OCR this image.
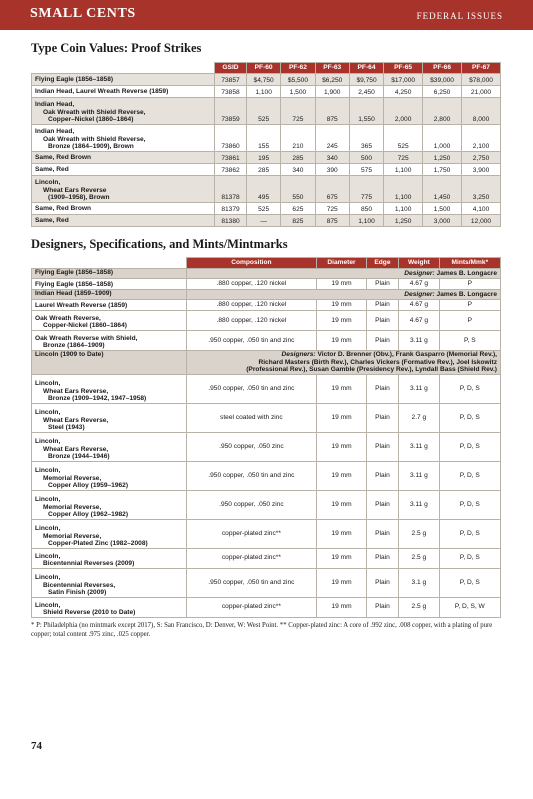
SMALL CENTS	FEDERAL ISSUES
Type Coin Values: Proof Strikes
	GSID	PF-60	PF-62	PF-63	PF-64	PF-65	PF-66	PF-67

Flying Eagle (1856–1858)	73857	$4,750	$5,500	$6,250	$9,750	$17,000	$39,000	$78,000

Indian Head, Laurel Wreath Reverse (1859)	73858	1,100	1,500	1,900	2,450	4,250	6,250	21,000

Indian Head,
Oak Wreath with Shield Reverse,
Copper–Nickel (1860–1864)	73859	525	725	875	1,550	2,000	2,800	8,000

Indian Head,
Oak Wreath with Shield Reverse,
Bronze (1864–1909), Brown	73860	155	210	245	365	525	1,000	2,100

Same, Red Brown	73861	195	285	340	500	725	1,250	2,750

Same, Red	73862	285	340	390	575	1,100	1,750	3,900

Lincoln,
Wheat Ears Reverse
(1909–1958), Brown	81378	495	550	675	775	1,100	1,450	3,250

Same, Red Brown	81379	525	625	725	850	1,100	1,500	4,100

Same, Red	81380	—	825	875	1,100	1,250	3,000	12,000
Designers, Specifications, and Mints/Mintmarks
	Composition	Diameter	Edge	Weight	Mints/Mmk*
Flying Eagle (1856–1858)	Designer: James B. Longacre				

Flying Eagle (1856–1858)	.880 copper, .120 nickel	19 mm	Plain	4.67 g	P
Indian Head (1859–1909)	Designer: James B. Longacre				

Laurel Wreath Reverse (1859)	.880 copper, .120 nickel	19 mm	Plain	4.67 g	P

Oak Wreath Reverse,
Copper-Nickel (1860–1864)	.880 copper, .120 nickel	19 mm	Plain	4.67 g	P

Oak Wreath Reverse with Shield,
Bronze (1864–1909)	.950 copper, .050 tin and zinc	19 mm	Plain	3.11 g	P, S
Lincoln (1909 to Date)	Designers: Victor D. Brenner (Obv.), Frank Gasparro (Memorial Rev.),
Richard Masters (Birth Rev.), Charles Vickers (Formative Rev.), Joel Iskowitz
(Professional Rev.), Susan Gamble (Presidency Rev.), Lyndall Bass (Shield Rev.)				

Lincoln,
Wheat Ears Reverse,
Bronze (1909–1942, 1947–1958)	.950 copper, .050 tin and zinc	19 mm	Plain	3.11 g	P, D, S

Lincoln,
Wheat Ears Reverse,
Steel (1943)	steel coated with zinc	19 mm	Plain	2.7 g	P, D, S

Lincoln,
Wheat Ears Reverse,
Bronze (1944–1946)	.950 copper, .050 zinc	19 mm	Plain	3.11 g	P, D, S

Lincoln,
Memorial Reverse,
Copper Alloy (1959–1962)	.950 copper, .050 tin and zinc	19 mm	Plain	3.11 g	P, D, S

Lincoln,
Memorial Reverse,
Copper Alloy (1962–1982)	.950 copper, .050 zinc	19 mm	Plain	3.11 g	P, D, S

Lincoln,
Memorial Reverse,
Copper-Plated Zinc (1982–2008)	copper-plated zinc**	19 mm	Plain	2.5 g	P, D, S

Lincoln,
Bicentennial Reverses (2009)	copper-plated zinc**	19 mm	Plain	2.5 g	P, D, S

Lincoln,
Bicentennial Reverses,
Satin Finish (2009)	.950 copper, .050 tin and zinc	19 mm	Plain	3.1 g	P, D, S

Lincoln,
Shield Reverse (2010 to Date)	copper-plated zinc**	19 mm	Plain	2.5 g	P, D, S, W
* P: Philadelphia (no mintmark except 2017), S: San Francisco, D: Denver, W: West Point. ** Copper-plated zinc: A core of .992 zinc, .008 copper, with a plating of pure copper; total content .975 zinc, .025 copper.
74
